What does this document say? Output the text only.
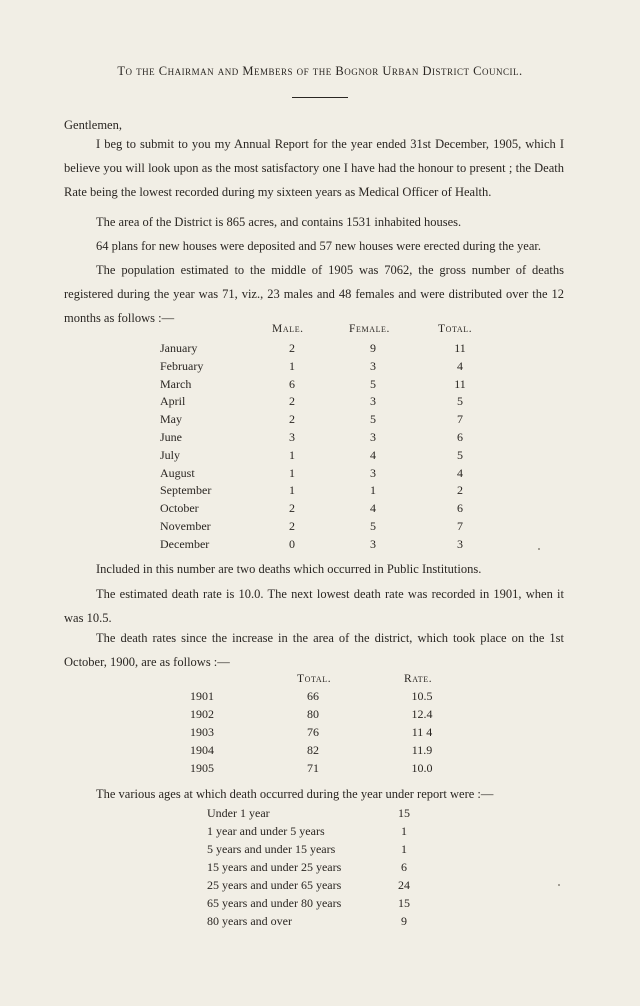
To the Chairman and Members of the Bognor Urban District Council.
Gentlemen,
I beg to submit to you my Annual Report for the year ended 31st December, 1905, which I believe you will look upon as the most satisfactory one I have had the honour to present ; the Death Rate being the lowest recorded during my sixteen years as Medical Officer of Health.
The area of the District is 865 acres, and contains 1531 inhabited houses.
64 plans for new houses were deposited and 57 new houses were erected during the year.
The population estimated to the middle of 1905 was 7062, the gross number of deaths registered during the year was 71, viz., 23 males and 48 females and were distributed over the 12 months as follows :—
Male.	Female.	Total.
January	2	9	11
February	1	3	4
March	6	5	11
April	2	3	5
May	2	5	7
June	3	3	6
July	1	4	5
August	1	3	4
September	1	1	2
October	2	4	6
November	2	5	7
December	0	3	3
Included in this number are two deaths which occurred in Public Institutions.
The estimated death rate is 10.0. The next lowest death rate was recorded in 1901, when it was 10.5.
The death rates since the increase in the area of the district, which took place on the 1st October, 1900, are as follows :—
Total.	Rate.
1901	66	10.5
1902	80	12.4
1903	76	11 4
1904	82	11.9
1905	71	10.0
The various ages at which death occurred during the year under report were :—
Under 1 year	15
1 year and under 5 years	1
5 years and under 15 years	1
15 years and under 25 years	6
25 years and under 65 years	24
65 years and under 80 years	15
80 years and over	9
